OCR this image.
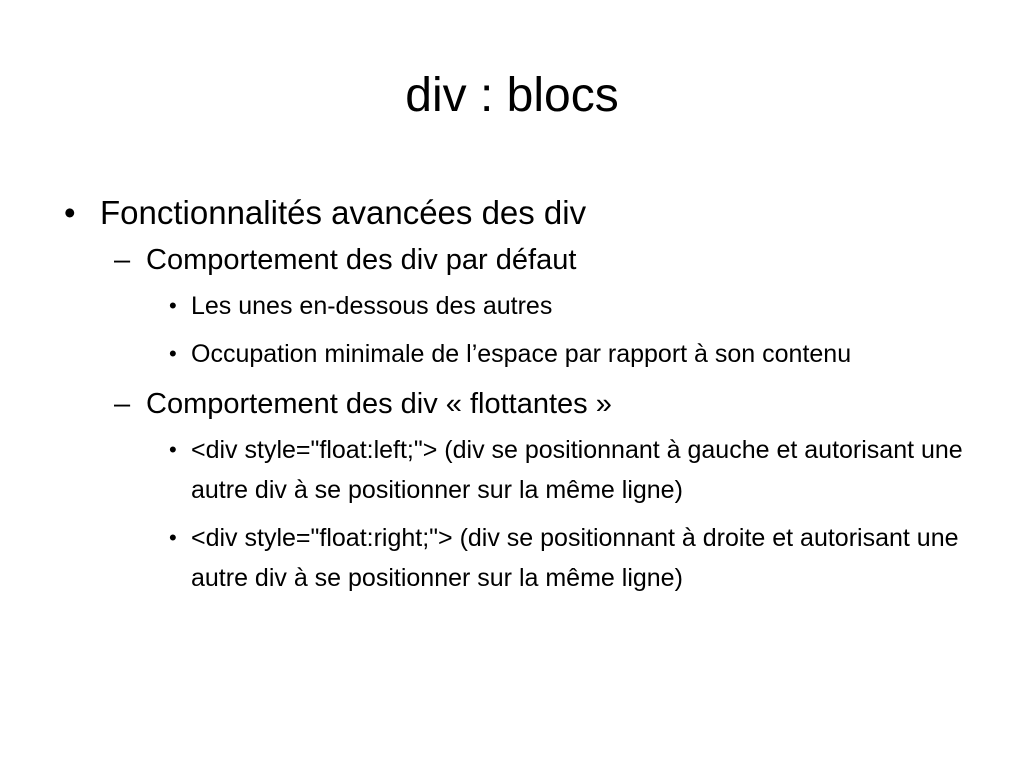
div : blocs
• Fonctionnalités avancées des div
– Comportement des div par défaut
• Les unes en-dessous des autres
• Occupation minimale de l’espace par rapport à son contenu
– Comportement des div « flottantes »
• <div style="float:left;"> (div se positionnant à gauche et autorisant une autre div à se positionner sur la même ligne)
• <div style="float:right;"> (div se positionnant à droite et autorisant une autre div à se positionner sur la même ligne)
